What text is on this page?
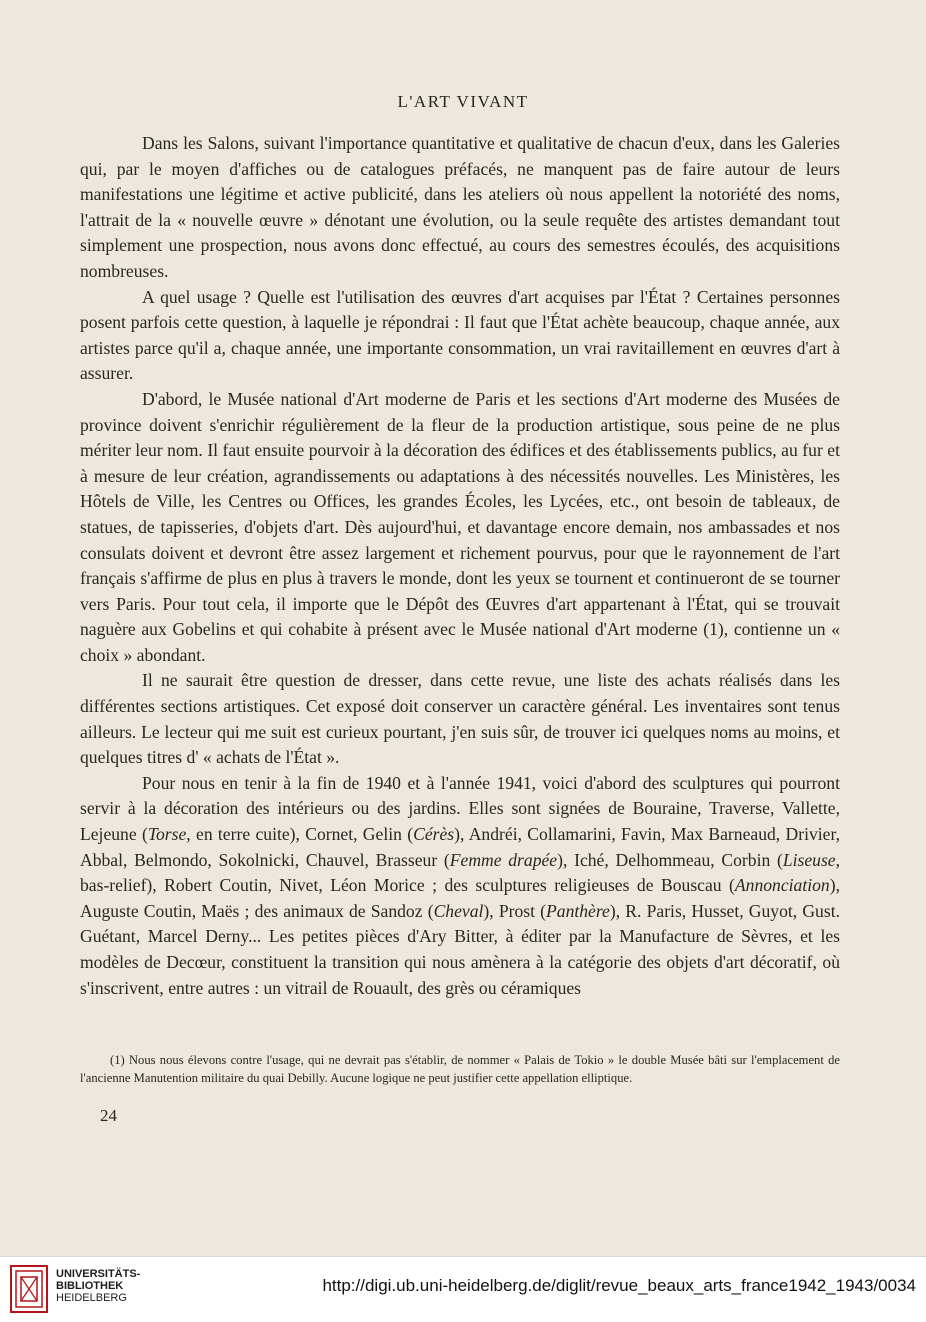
L'ART VIVANT

Dans les Salons, suivant l'importance quantitative et qualitative de chacun d'eux, dans les Galeries qui, par le moyen d'affiches ou de catalogues préfacés, ne manquent pas de faire autour de leurs manifestations une légitime et active publicité, dans les ateliers où nous appellent la notoriété des noms, l'attrait de la « nouvelle œuvre » dénotant une évolution, ou la seule requête des artistes demandant tout simplement une prospection, nous avons donc effectué, au cours des semestres écoulés, des acquisitions nombreuses.

A quel usage ? Quelle est l'utilisation des œuvres d'art acquises par l'État ? Certaines personnes posent parfois cette question, à laquelle je répondrai : Il faut que l'État achète beaucoup, chaque année, aux artistes parce qu'il a, chaque année, une importante consommation, un vrai ravitaillement en œuvres d'art à assurer.

D'abord, le Musée national d'Art moderne de Paris et les sections d'Art moderne des Musées de province doivent s'enrichir régulièrement de la fleur de la production artistique, sous peine de ne plus mériter leur nom. Il faut ensuite pourvoir à la décoration des édifices et des établissements publics, au fur et à mesure de leur création, agrandissements ou adaptations à des nécessités nouvelles. Les Ministères, les Hôtels de Ville, les Centres ou Offices, les grandes Écoles, les Lycées, etc., ont besoin de tableaux, de statues, de tapisseries, d'objets d'art. Dès aujourd'hui, et davantage encore demain, nos ambassades et nos consulats doivent et devront être assez largement et richement pourvus, pour que le rayonnement de l'art français s'affirme de plus en plus à travers le monde, dont les yeux se tournent et continueront de se tourner vers Paris. Pour tout cela, il importe que le Dépôt des Œuvres d'art appartenant à l'État, qui se trouvait naguère aux Gobelins et qui cohabite à présent avec le Musée national d'Art moderne (1), contienne un « choix » abondant.

Il ne saurait être question de dresser, dans cette revue, une liste des achats réalisés dans les différentes sections artistiques. Cet exposé doit conserver un caractère général. Les inventaires sont tenus ailleurs. Le lecteur qui me suit est curieux pourtant, j'en suis sûr, de trouver ici quelques noms au moins, et quelques titres d' « achats de l'État ».

Pour nous en tenir à la fin de 1940 et à l'année 1941, voici d'abord des sculptures qui pourront servir à la décoration des intérieurs ou des jardins. Elles sont signées de Bouraine, Traverse, Vallette, Lejeune (Torse, en terre cuite), Cornet, Gelin (Cérès), Andréi, Collamarini, Favin, Max Barneaud, Drivier, Abbal, Belmondo, Sokolnicki, Chauvel, Brasseur (Femme drapée), Iché, Delhommeau, Corbin (Liseuse, bas-relief), Robert Coutin, Nivet, Léon Morice ; des sculptures religieuses de Bouscau (Annonciation), Auguste Coutin, Maës ; des animaux de Sandoz (Cheval), Prost (Panthère), R. Paris, Husset, Guyot, Gust. Guétant, Marcel Derny... Les petites pièces d'Ary Bitter, à éditer par la Manufacture de Sèvres, et les modèles de Decœur, constituent la transition qui nous amènera à la catégorie des objets d'art décoratif, où s'inscrivent, entre autres : un vitrail de Rouault, des grès ou céramiques

(1) Nous nous élevons contre l'usage, qui ne devrait pas s'établir, de nommer « Palais de Tokio » le double Musée bâti sur l'emplacement de l'ancienne Manutention militaire du quai Debilly. Aucune logique ne peut justifier cette appellation elliptique.
24
UNIVERSITÄTS-
BIBLIOTHEK
HEIDELBERG
http://digi.ub.uni-heidelberg.de/diglit/revue_beaux_arts_france1942_1943/0034
